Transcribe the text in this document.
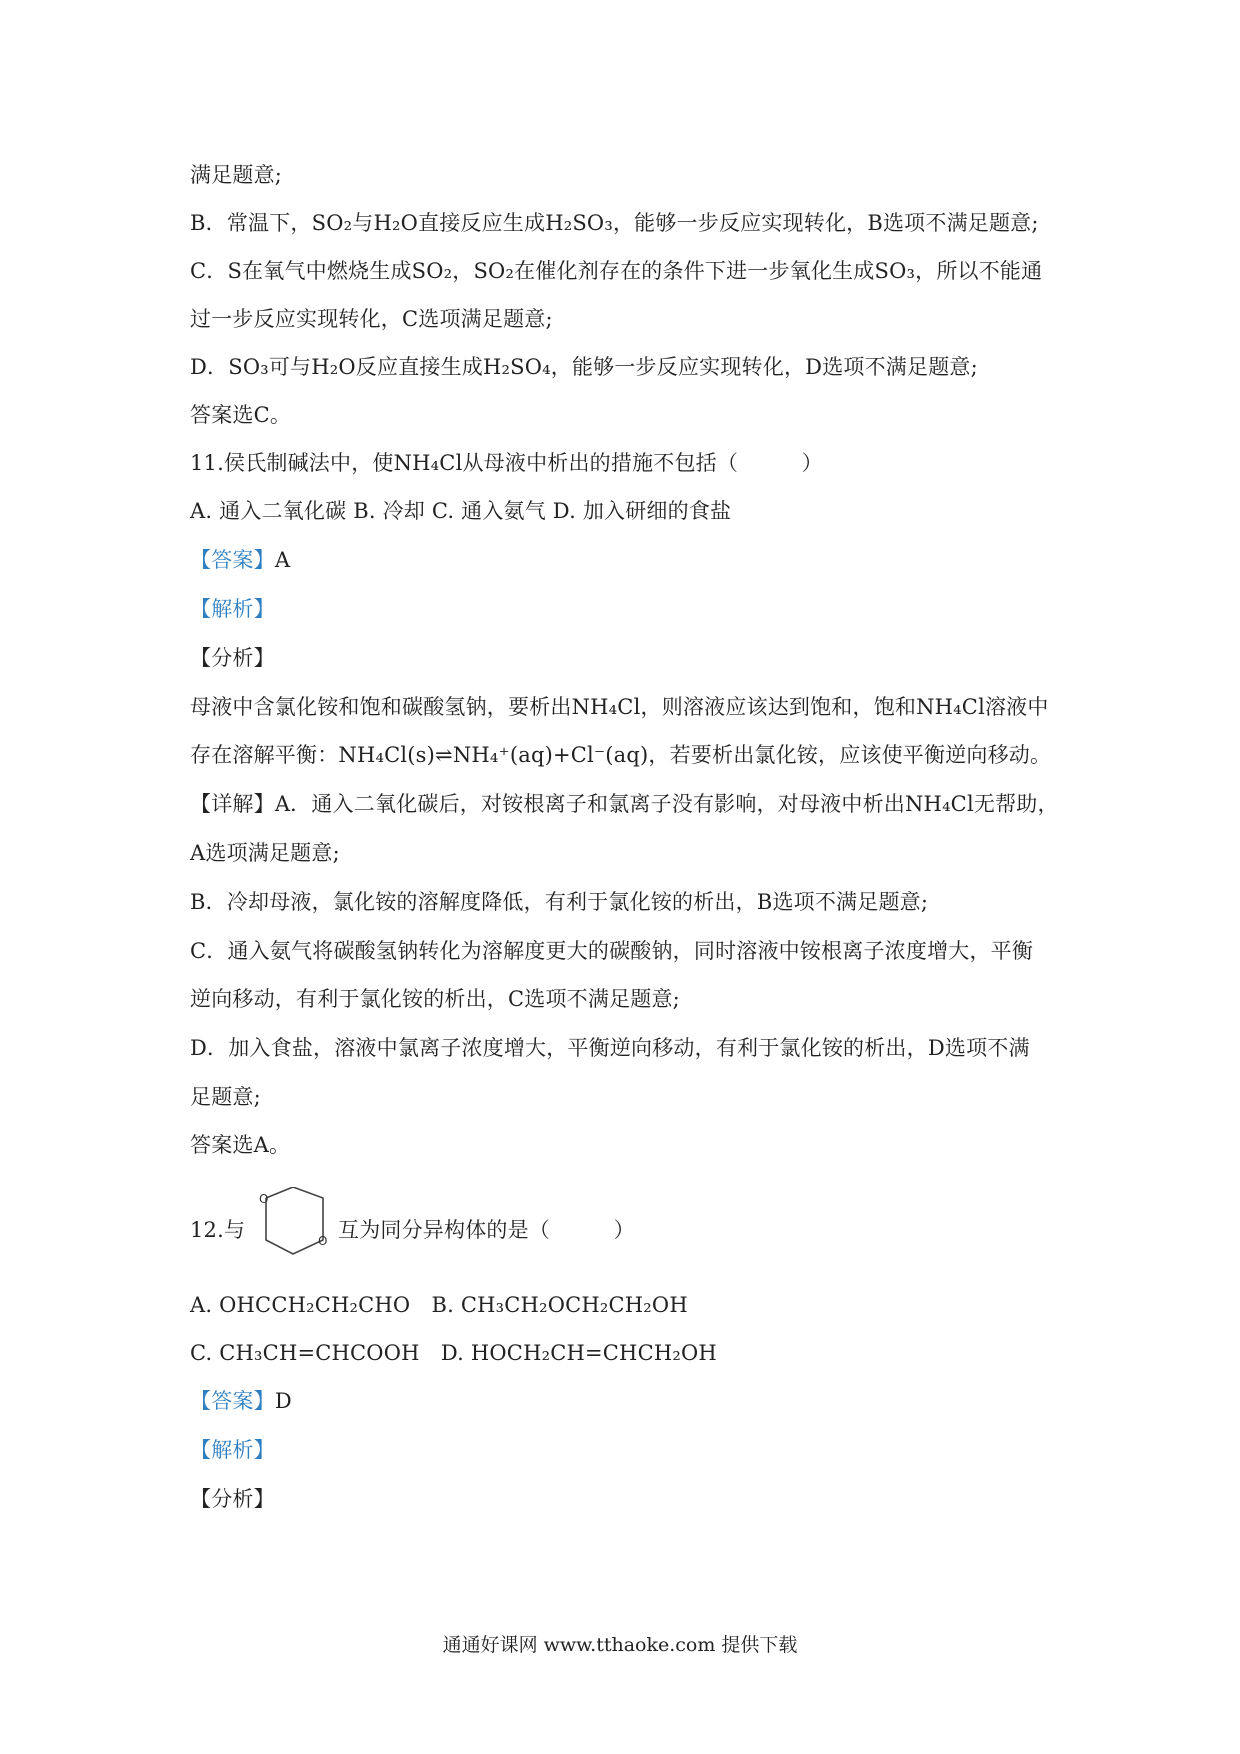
满足题意;
B．常温下，SO₂与H₂O直接反应生成H₂SO₃，能够一步反应实现转化，B选项不满足题意;
C．S在氧气中燃烧生成SO₂，SO₂在催化剂存在的条件下进一步氧化生成SO₃，所以不能通
过一步反应实现转化，C选项满足题意;
D．SO₃可与H₂O反应直接生成H₂SO₄，能够一步反应实现转化，D选项不满足题意;
答案选C。
11.侯氏制碱法中，使NH₄Cl从母液中析出的措施不包括（　　　）
A. 通入二氧化碳 B. 冷却 C. 通入氨气 D. 加入研细的食盐
【答案】A
【解析】
【分析】
母液中含氯化铵和饱和碳酸氢钠，要析出NH₄Cl，则溶液应该达到饱和，饱和NH₄Cl溶液中
存在溶解平衡：NH₄Cl(s)⇌NH₄⁺(aq)+Cl⁻(aq)，若要析出氯化铵，应该使平衡逆向移动。
【详解】A．通入二氧化碳后，对铵根离子和氯离子没有影响，对母液中析出NH₄Cl无帮助，
A选项满足题意;
B．冷却母液，氯化铵的溶解度降低，有利于氯化铵的析出，B选项不满足题意;
C．通入氨气将碳酸氢钠转化为溶解度更大的碳酸钠，同时溶液中铵根离子浓度增大，平衡
逆向移动，有利于氯化铵的析出，C选项不满足题意;
D．加入食盐，溶液中氯离子浓度增大，平衡逆向移动，有利于氯化铵的析出，D选项不满
足题意;
答案选A。
12.与	互为同分异构体的是（　　　）
A. OHCCH₂CH₂CHO　B. CH₃CH₂OCH₂CH₂OH
C. CH₃CH=CHCOOH　D. HOCH₂CH=CHCH₂OH
【答案】D
【解析】
【分析】
O
O
通通好课网 www.tthaoke.com 提供下载
